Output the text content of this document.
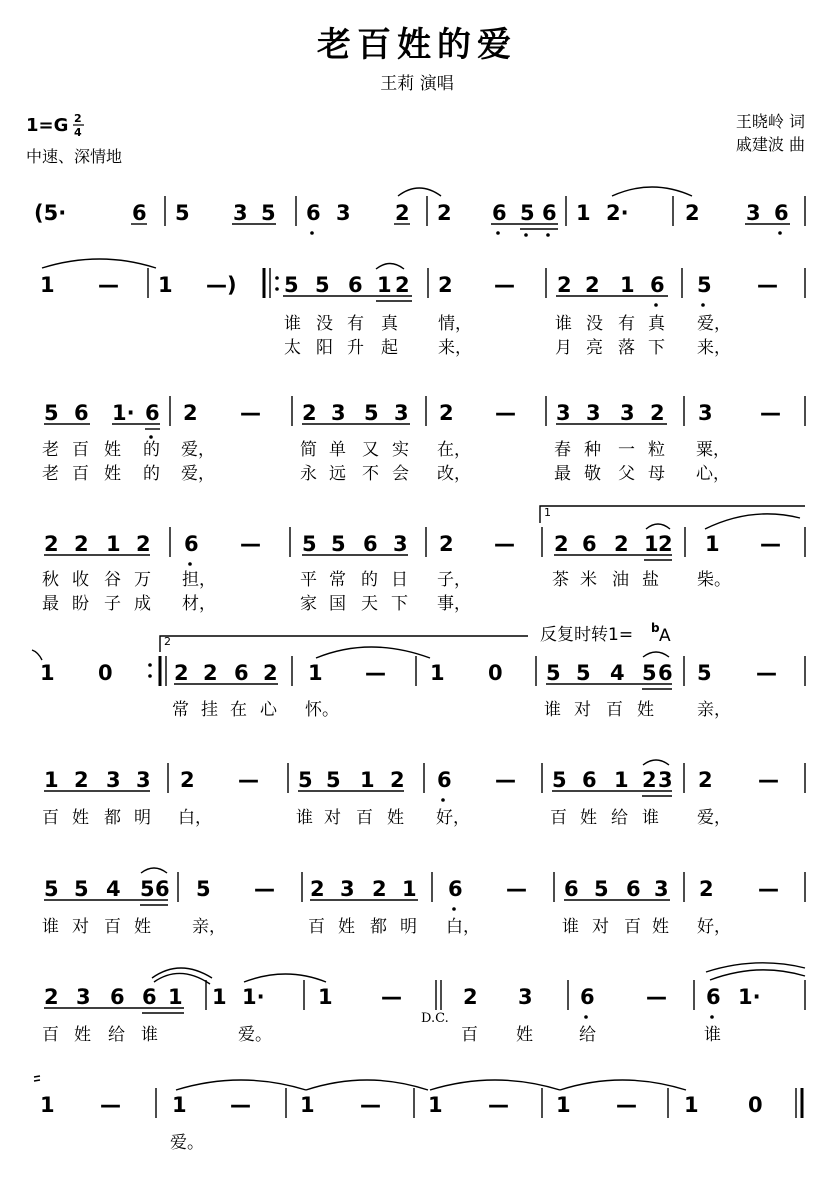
老百姓的爱
王莉 演唱
1=G 2
4
中速、深情地
王晓岭 词
戚建波 曲
(5·	6 5 3 5 6 3 2 2 6 5 6 1 2·	2 3 6
1 — 1 —) 5 5 6 1 2 2 — 2 2 1 6 5 —
谁 没 有 真 情，	谁 没 有 真 爱，
太 阳 升 起 来，	月 亮 落 下 来，
5 6 1· 6 2 — 2 3 5 3 2 — 3 3 3 2 3 —
老 百 姓 的 爱，	简 单 又 实 在，	春 种 一 粒 粟，
老 百 姓 的 爱，	永 远 不 会 改，	最 敬 父 母 心，
1
2 2 1 2 6 — 5 5 6 3 2 — 2 6 2 1 2 1 —
秋 收 谷 万 担，	平 常 的 日 子，	茶 米 油 盐 柴。
最 盼 子 成 材，	家 国 天 下 事，
2	反复时转1= b A
1 0	2 2 6 2 1 — 1 0 5 5 4 5 6 5 —
常 挂 在 心 怀。	谁 对 百 姓	亲，
1 2 3 3 2 — 5 5 1 2 6 — 5 6 1 2 3 2 —
百 姓 都 明 白，	谁 对 百 姓 好，	百 姓 给 谁 爱，
5 5 4 5 6 5 — 2 3 2 1 6 — 6 5 6 3 2 —
谁 对 百 姓 亲，	百 姓 都 明 白，	谁 对 百 姓 好，
2 3 6 6 1 1 1·	1 —	2 3 6 — 6 1·
D.C.
百 姓 给 谁	爱。	百 姓	给	谁
1 — 1 — 1 — 1 — 1 — 1 0
爱。
